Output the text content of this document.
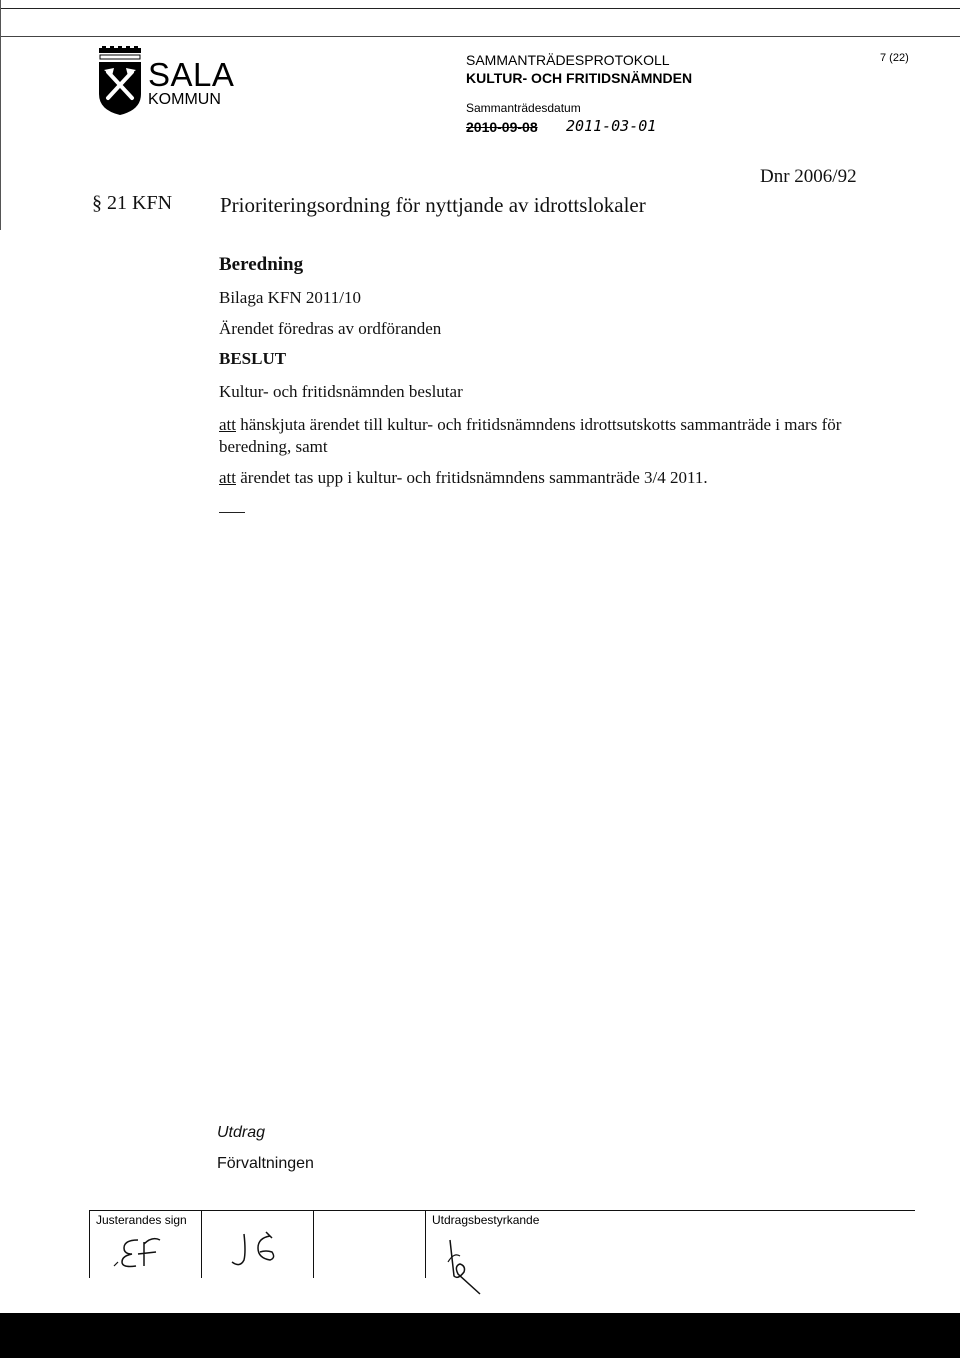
SALA
KOMMUN
SAMMANTRÄDESPROTOKOLL
KULTUR- OCH FRITIDSNÄMNDEN
Sammanträdesdatum
2010-09-08 2011-03-01
7 (22)
Dnr 2006/92
§ 21 KFN Prioriteringsordning för nyttjande av idrottslokaler
Beredning
Bilaga KFN 2011/10
Ärendet föredras av ordföranden
BESLUT
Kultur- och fritidsnämnden beslutar
att hänskjuta ärendet till kultur- och fritidsnämndens idrottsutskotts sammanträde i mars för beredning, samt
att ärendet tas upp i kultur- och fritidsnämndens sammanträde 3/4 2011.
Utdrag
Förvaltningen
Justerandes sign	Utdragsbestyrkande
